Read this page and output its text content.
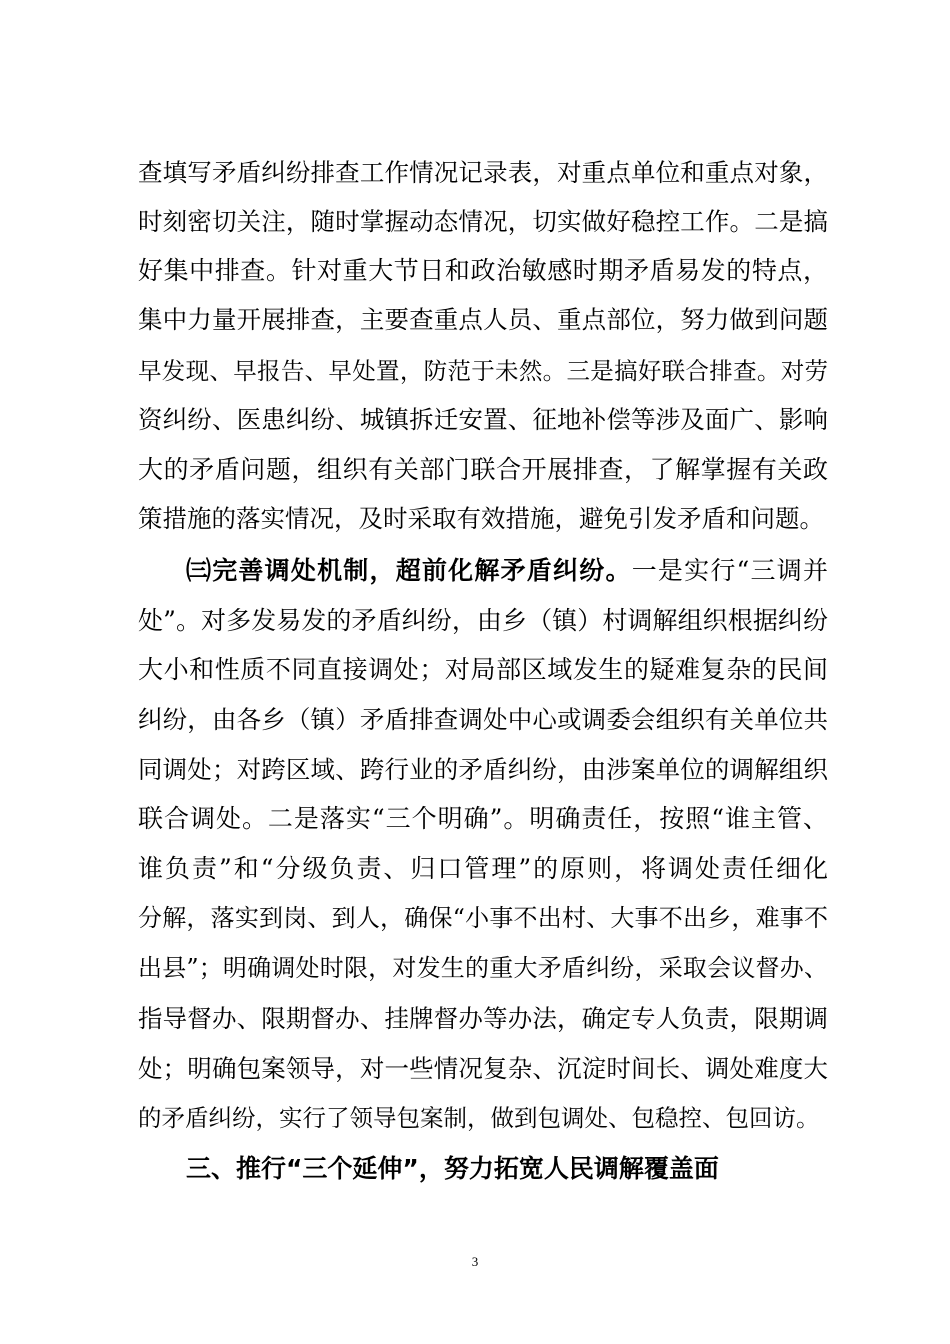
查填写矛盾纠纷排查工作情况记录表，对重点单位和重点对象，
时刻密切关注，随时掌握动态情况，切实做好稳控工作。二是搞
好集中排查。针对重大节日和政治敏感时期矛盾易发的特点，
集中力量开展排查，主要查重点人员、重点部位，努力做到问题
早发现、早报告、早处置，防范于未然。三是搞好联合排查。对劳
资纠纷、医患纠纷、城镇拆迁安置、征地补偿等涉及面广、影响
大的矛盾问题，组织有关部门联合开展排查，了解掌握有关政
策措施的落实情况，及时采取有效措施，避免引发矛盾和问题。
㈢完善调处机制，超前化解矛盾纠纷。一是实行“三调并
处”。对多发易发的矛盾纠纷，由乡（镇）村调解组织根据纠纷
大小和性质不同直接调处；对局部区域发生的疑难复杂的民间
纠纷，由各乡（镇）矛盾排查调处中心或调委会组织有关单位共
同调处；对跨区域、跨行业的矛盾纠纷，由涉案单位的调解组织
联合调处。二是落实“三个明确”。明确责任，按照“谁主管、
谁负责”和“分级负责、归口管理”的原则，将调处责任细化
分解，落实到岗、到人，确保“小事不出村、大事不出乡，难事不
出县”；明确调处时限，对发生的重大矛盾纠纷，采取会议督办、
指导督办、限期督办、挂牌督办等办法，确定专人负责，限期调
处；明确包案领导，对一些情况复杂、沉淀时间长、调处难度大
的矛盾纠纷，实行了领导包案制，做到包调处、包稳控、包回访。
三、推行“三个延伸”，努力拓宽人民调解覆盖面
3
